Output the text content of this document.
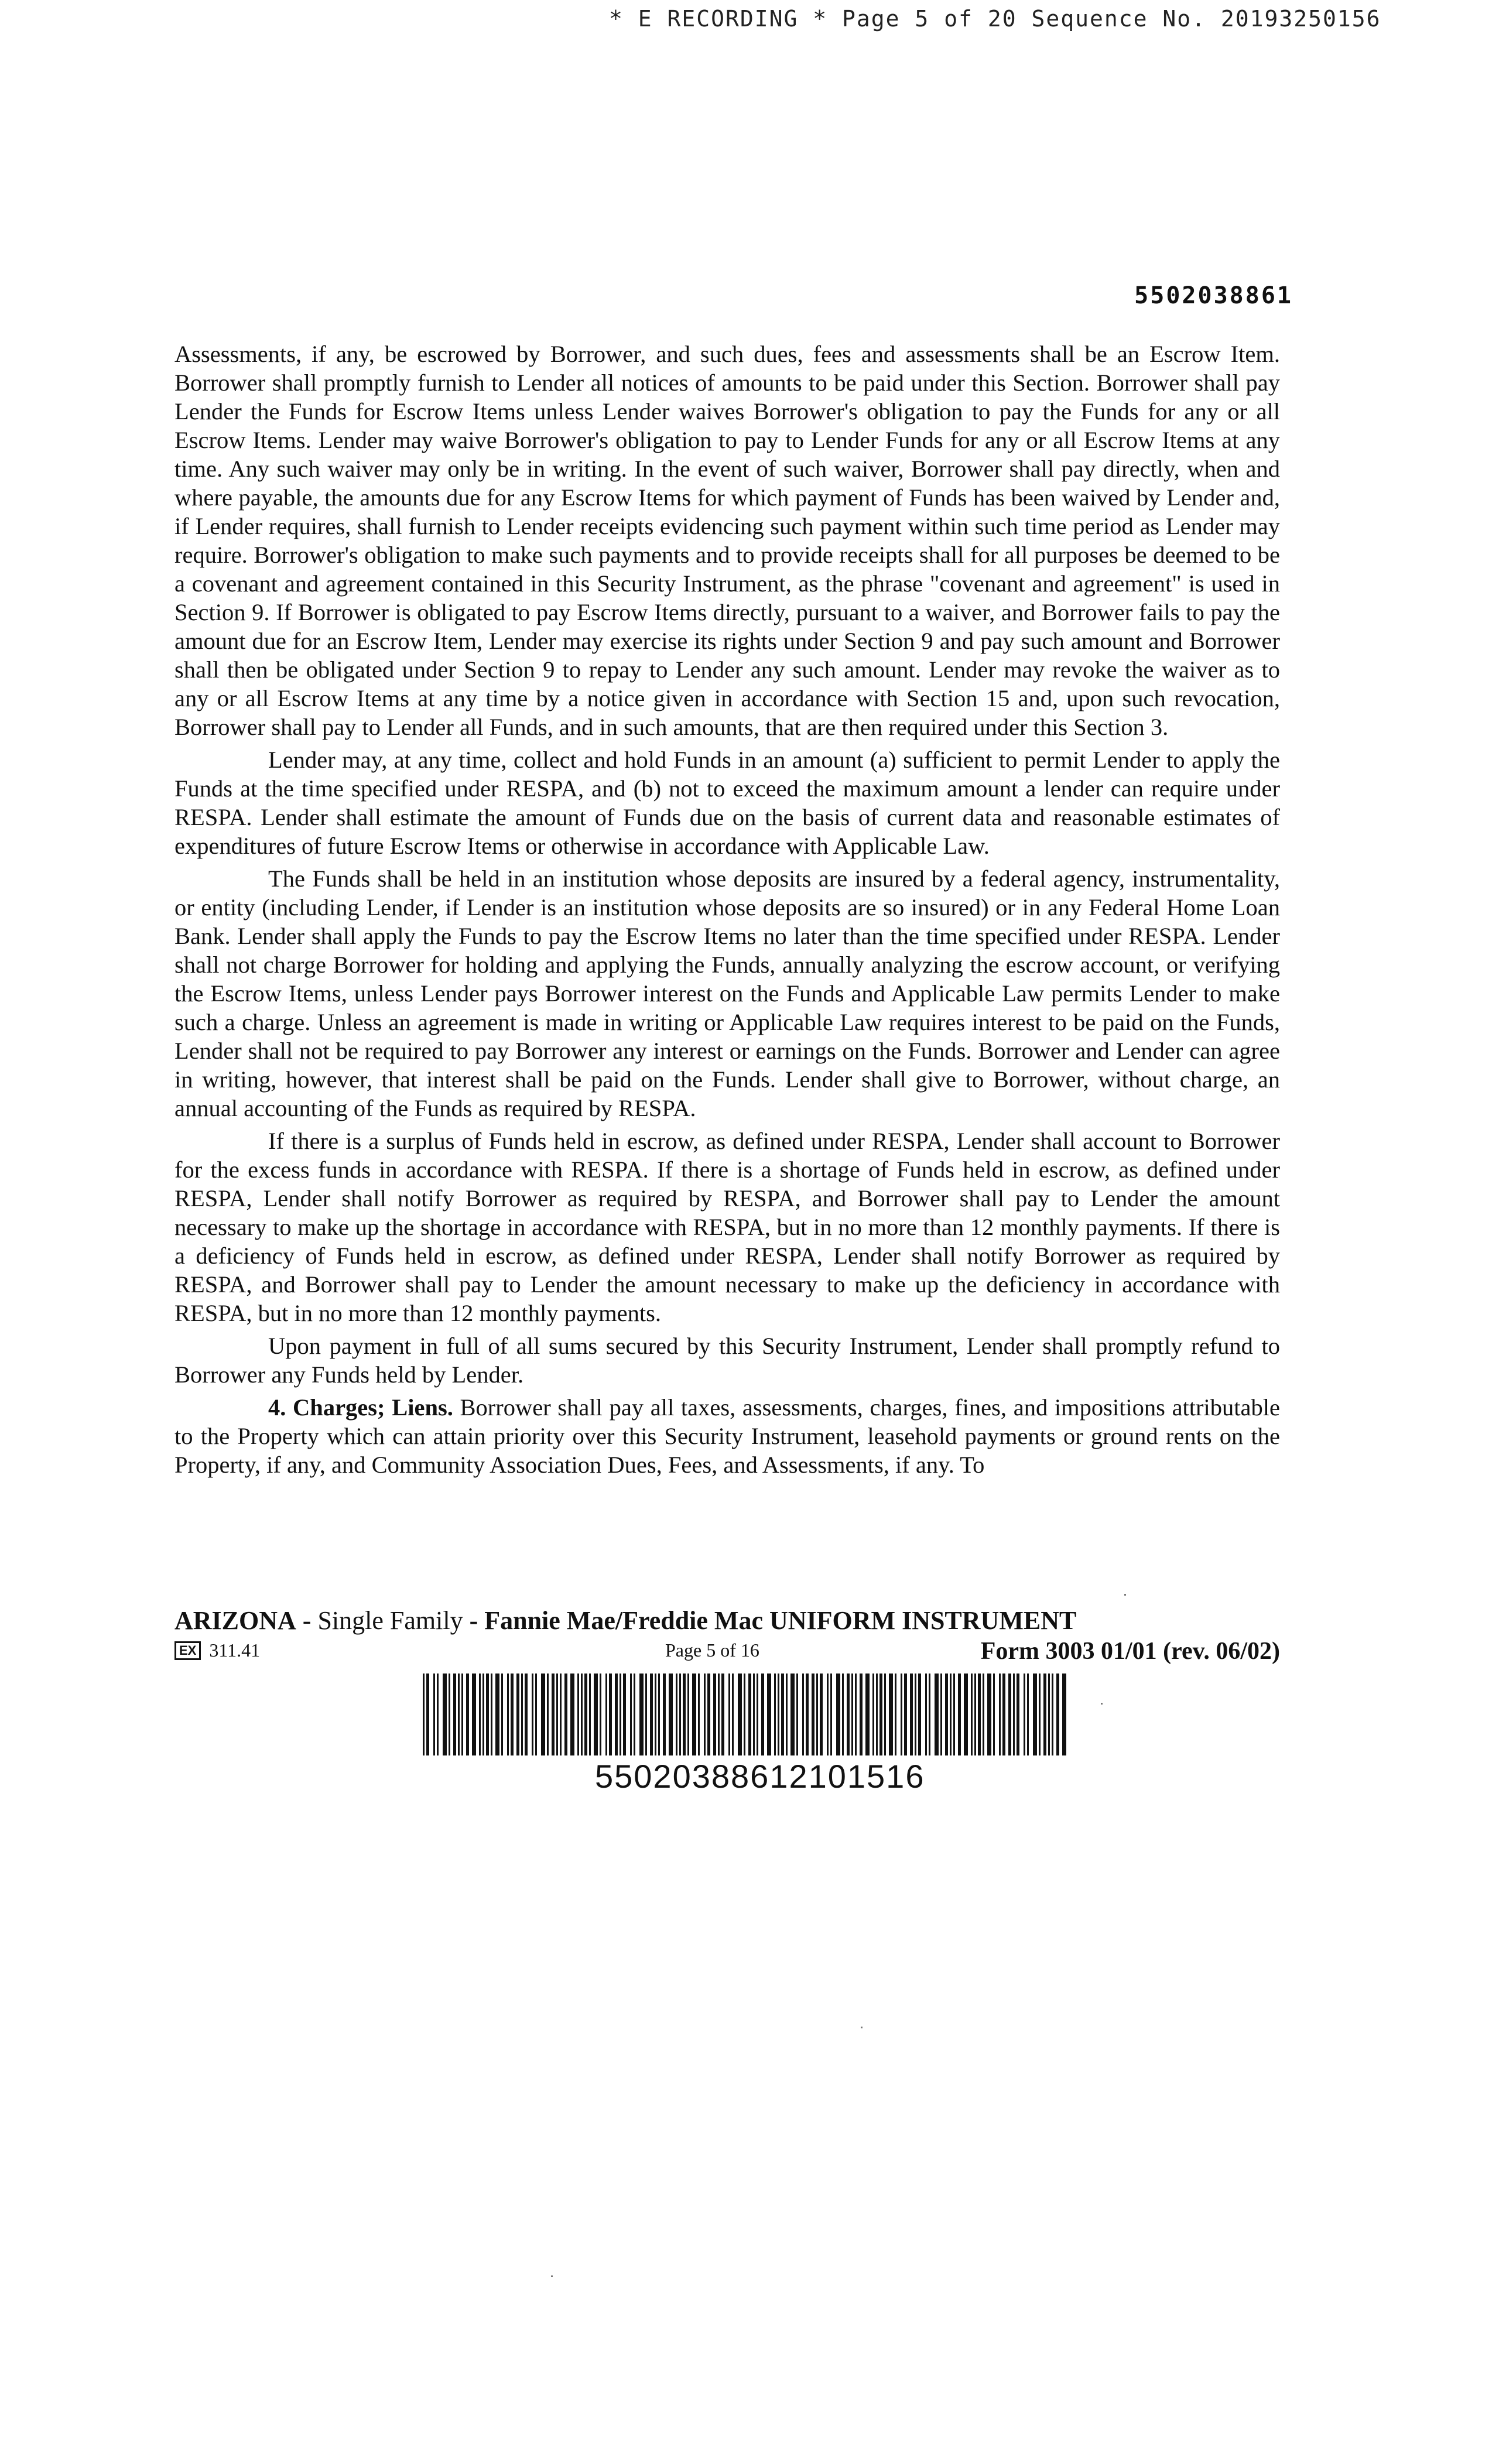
* E RECORDING * Page 5 of 20 Sequence No. 20193250156
5502038861

Assessments, if any, be escrowed by Borrower, and such dues, fees and assessments shall be an Escrow Item. Borrower shall promptly furnish to Lender all notices of amounts to be paid under this Section. Borrower shall pay Lender the Funds for Escrow Items unless Lender waives Borrower's obligation to pay the Funds for any or all Escrow Items. Lender may waive Borrower's obligation to pay to Lender Funds for any or all Escrow Items at any time. Any such waiver may only be in writing. In the event of such waiver, Borrower shall pay directly, when and where payable, the amounts due for any Escrow Items for which payment of Funds has been waived by Lender and, if Lender requires, shall furnish to Lender receipts evidencing such payment within such time period as Lender may require. Borrower's obligation to make such payments and to provide receipts shall for all purposes be deemed to be a covenant and agreement contained in this Security Instrument, as the phrase "covenant and agreement" is used in Section 9. If Borrower is obligated to pay Escrow Items directly, pursuant to a waiver, and Borrower fails to pay the amount due for an Escrow Item, Lender may exercise its rights under Section 9 and pay such amount and Borrower shall then be obligated under Section 9 to repay to Lender any such amount. Lender may revoke the waiver as to any or all Escrow Items at any time by a notice given in accordance with Section 15 and, upon such revocation, Borrower shall pay to Lender all Funds, and in such amounts, that are then required under this Section 3.

Lender may, at any time, collect and hold Funds in an amount (a) sufficient to permit Lender to apply the Funds at the time specified under RESPA, and (b) not to exceed the maximum amount a lender can require under RESPA. Lender shall estimate the amount of Funds due on the basis of current data and reasonable estimates of expenditures of future Escrow Items or otherwise in accordance with Applicable Law.

The Funds shall be held in an institution whose deposits are insured by a federal agency, instrumentality, or entity (including Lender, if Lender is an institution whose deposits are so insured) or in any Federal Home Loan Bank. Lender shall apply the Funds to pay the Escrow Items no later than the time specified under RESPA. Lender shall not charge Borrower for holding and applying the Funds, annually analyzing the escrow account, or verifying the Escrow Items, unless Lender pays Borrower interest on the Funds and Applicable Law permits Lender to make such a charge. Unless an agreement is made in writing or Applicable Law requires interest to be paid on the Funds, Lender shall not be required to pay Borrower any interest or earnings on the Funds. Borrower and Lender can agree in writing, however, that interest shall be paid on the Funds. Lender shall give to Borrower, without charge, an annual accounting of the Funds as required by RESPA.

If there is a surplus of Funds held in escrow, as defined under RESPA, Lender shall account to Borrower for the excess funds in accordance with RESPA. If there is a shortage of Funds held in escrow, as defined under RESPA, Lender shall notify Borrower as required by RESPA, and Borrower shall pay to Lender the amount necessary to make up the shortage in accordance with RESPA, but in no more than 12 monthly payments. If there is a deficiency of Funds held in escrow, as defined under RESPA, Lender shall notify Borrower as required by RESPA, and Borrower shall pay to Lender the amount necessary to make up the deficiency in accordance with RESPA, but in no more than 12 monthly payments.

Upon payment in full of all sums secured by this Security Instrument, Lender shall promptly refund to Borrower any Funds held by Lender.

4. Charges; Liens. Borrower shall pay all taxes, assessments, charges, fines, and impositions attributable to the Property which can attain priority over this Security Instrument, leasehold payments or ground rents on the Property, if any, and Community Association Dues, Fees, and Assessments, if any. To

ARIZONA - Single Family - Fannie Mae/Freddie Mac UNIFORM INSTRUMENT
EX 311.41	Page 5 of 16	Form 3003 01/01 (rev. 06/02)
55020388612101516
